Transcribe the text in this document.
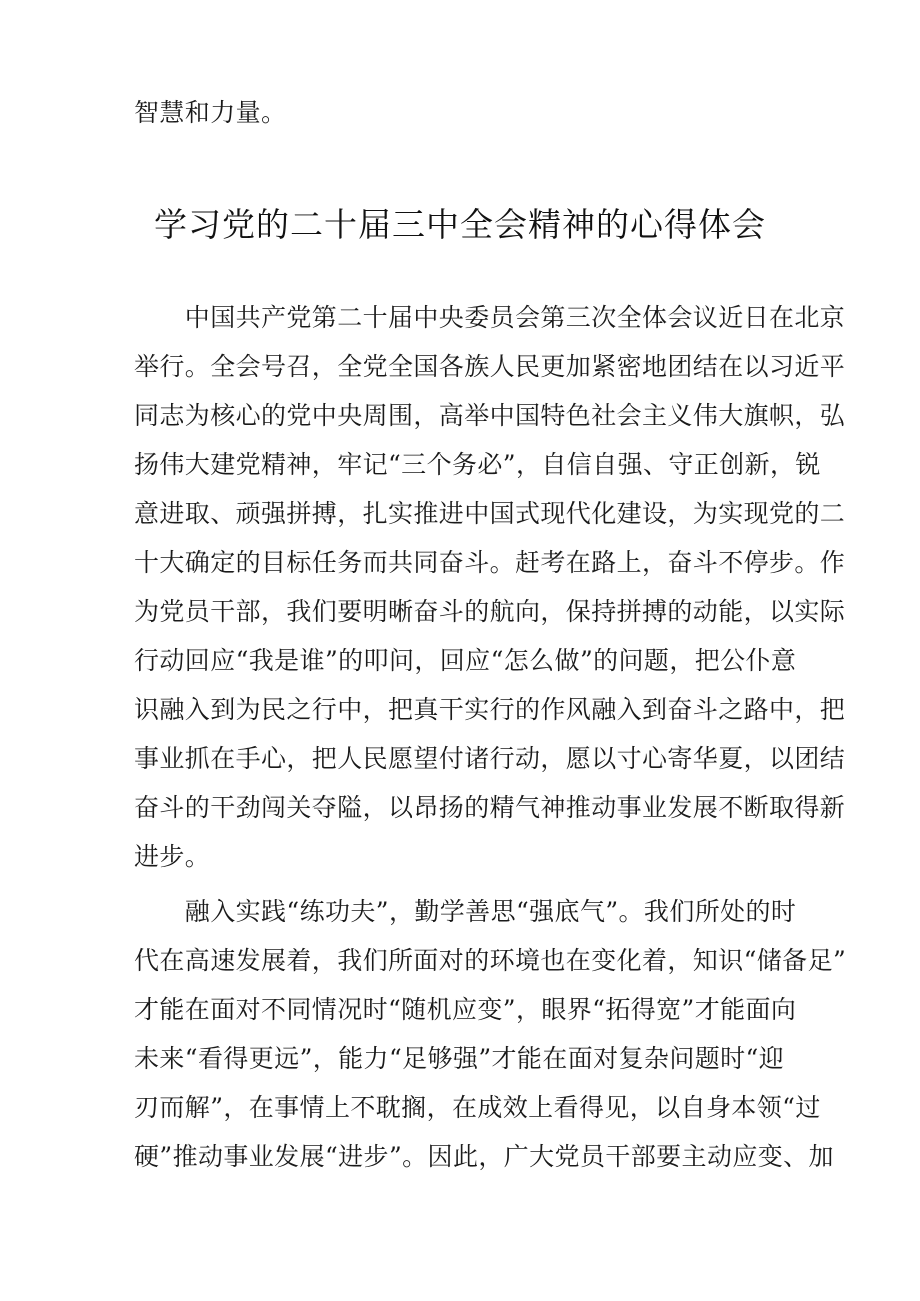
智慧和力量。
学习党的二十届三中全会精神的心得体会
　　中国共产党第二十届中央委员会第三次全体会议近日在北京
举行。全会号召，全党全国各族人民更加紧密地团结在以习近平
同志为核心的党中央周围，高举中国特色社会主义伟大旗帜，弘
扬伟大建党精神，牢记“三个务必”，自信自强、守正创新，锐
意进取、顽强拼搏，扎实推进中国式现代化建设，为实现党的二
十大确定的目标任务而共同奋斗。赶考在路上，奋斗不停步。作
为党员干部，我们要明晰奋斗的航向，保持拼搏的动能，以实际
行动回应“我是谁”的叩问，回应“怎么做”的问题，把公仆意
识融入到为民之行中，把真干实行的作风融入到奋斗之路中，把
事业抓在手心，把人民愿望付诸行动，愿以寸心寄华夏，以团结
奋斗的干劲闯关夺隘，以昂扬的精气神推动事业发展不断取得新
进步。
　　融入实践“练功夫”，勤学善思“强底气”。我们所处的时
代在高速发展着，我们所面对的环境也在变化着，知识“储备足”
才能在面对不同情况时“随机应变”，眼界“拓得宽”才能面向
未来“看得更远”，能力“足够强”才能在面对复杂问题时“迎
刃而解”，在事情上不耽搁，在成效上看得见，以自身本领“过
硬”推动事业发展“进步”。因此，广大党员干部要主动应变、加
